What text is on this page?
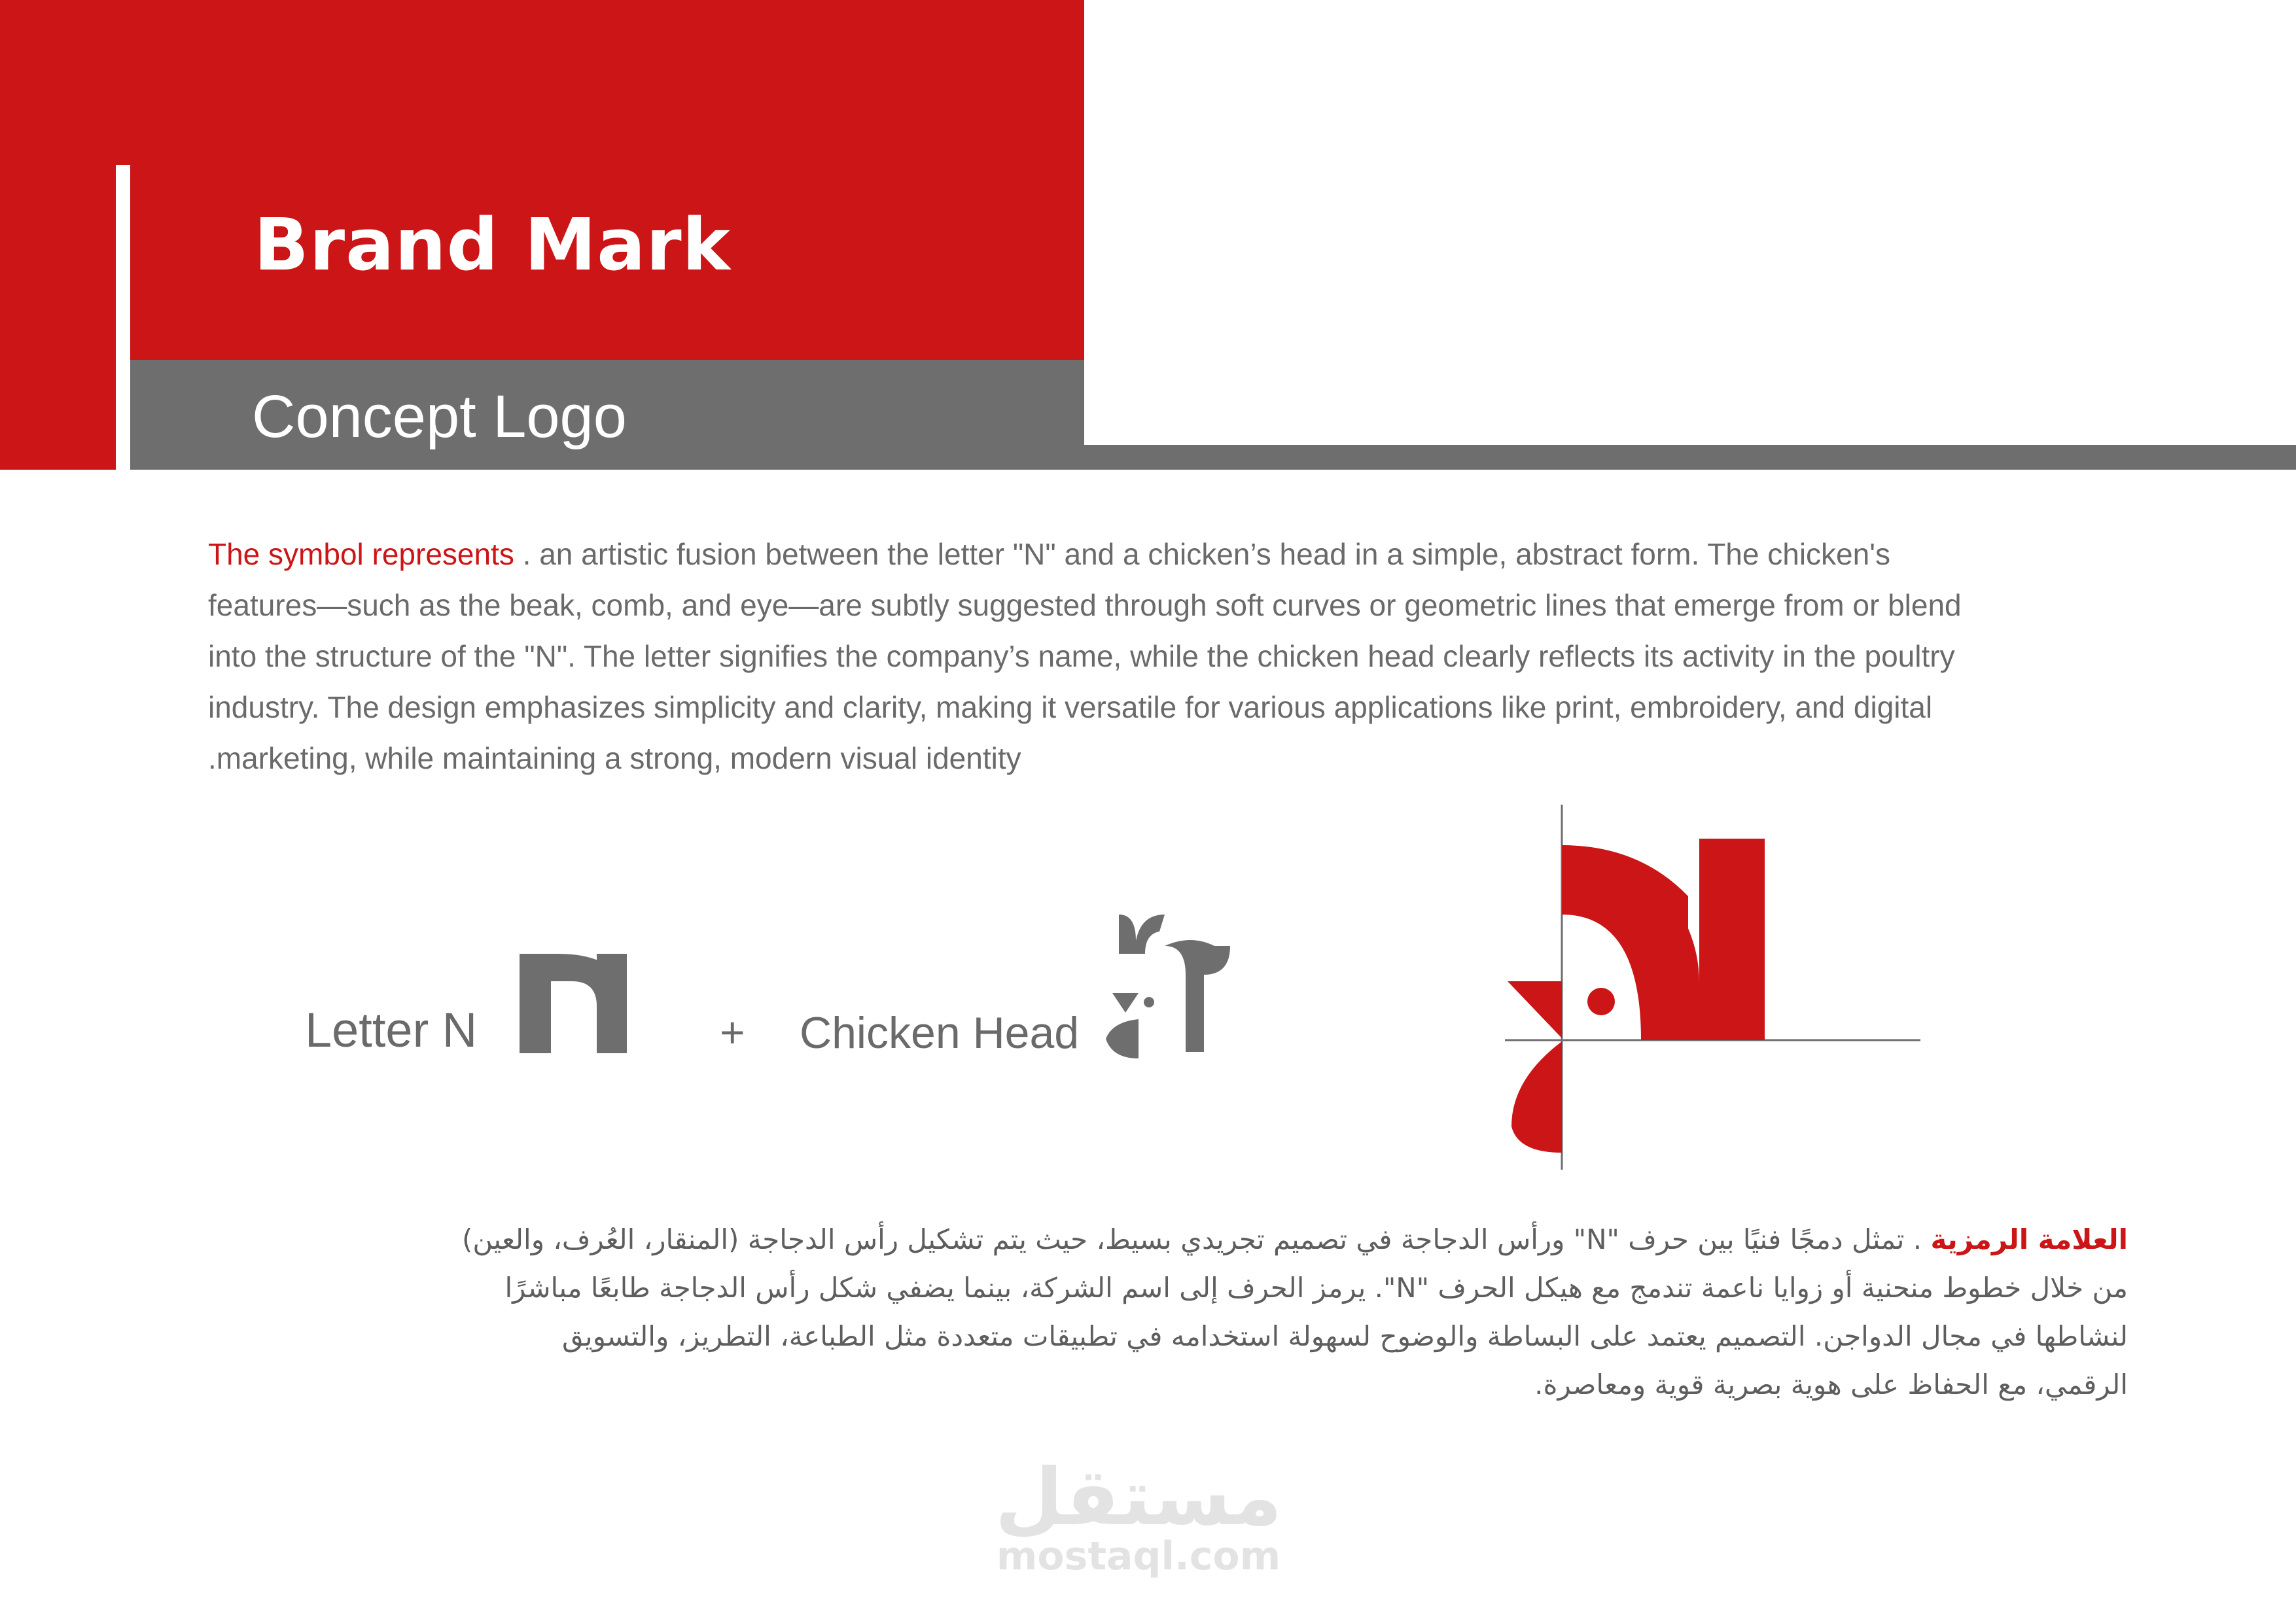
Brand Mark
Concept Logo
The symbol represents . an artistic fusion between the letter "N" and a chicken’s head in a simple, abstract form. The chicken's
features—such as the beak, comb, and eye—are subtly suggested through soft curves or geometric lines that emerge from or blend
into the structure of the "N". The letter signifies the company’s name, while the chicken head clearly reflects its activity in the poultry
industry. The design emphasizes simplicity and clarity, making it versatile for various applications like print, embroidery, and digital
.marketing, while maintaining a strong, modern visual identity
Letter N	+ Chicken Head
العلامة الرمزية . تمثل دمجًا فنيًا بين حرف "N" ورأس الدجاجة في تصميم تجريدي بسيط، حيث يتم تشكيل رأس الدجاجة (المنقار، العُرف، والعين)
من خلال خطوط منحنية أو زوايا ناعمة تندمج مع هيكل الحرف "N". يرمز الحرف إلى اسم الشركة، بينما يضفي شكل رأس الدجاجة طابعًا مباشرًا
لنشاطها في مجال الدواجن. التصميم يعتمد على البساطة والوضوح لسهولة استخدامه في تطبيقات متعددة مثل الطباعة، التطريز، والتسويق
الرقمي، مع الحفاظ على هوية بصرية قوية ومعاصرة.
مستقل
mostaql.com
